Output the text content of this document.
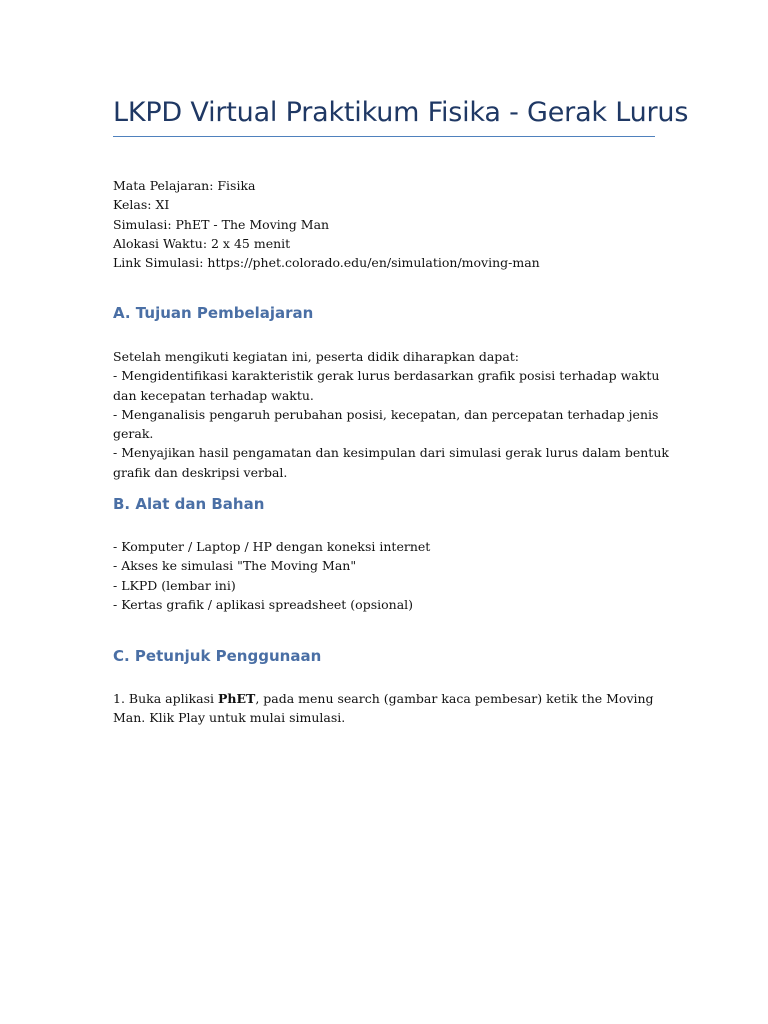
LKPD Virtual Praktikum Fisika - Gerak Lurus
Mata Pelajaran: Fisika
Kelas: XI
Simulasi: PhET - The Moving Man
Alokasi Waktu: 2 x 45 menit
Link Simulasi: https://phet.colorado.edu/en/simulation/moving-man
A. Tujuan Pembelajaran
Setelah mengikuti kegiatan ini, peserta didik diharapkan dapat:
- Mengidentifikasi karakteristik gerak lurus berdasarkan grafik posisi terhadap waktu dan kecepatan terhadap waktu.
- Menganalisis pengaruh perubahan posisi, kecepatan, dan percepatan terhadap jenis gerak.
- Menyajikan hasil pengamatan dan kesimpulan dari simulasi gerak lurus dalam bentuk grafik dan deskripsi verbal.
B. Alat dan Bahan
- Komputer / Laptop / HP dengan koneksi internet
- Akses ke simulasi "The Moving Man"
- LKPD (lembar ini)
- Kertas grafik / aplikasi spreadsheet (opsional)
C. Petunjuk Penggunaan
1. Buka aplikasi PhET, pada menu search (gambar kaca pembesar) ketik the Moving Man. Klik Play untuk mulai simulasi.
